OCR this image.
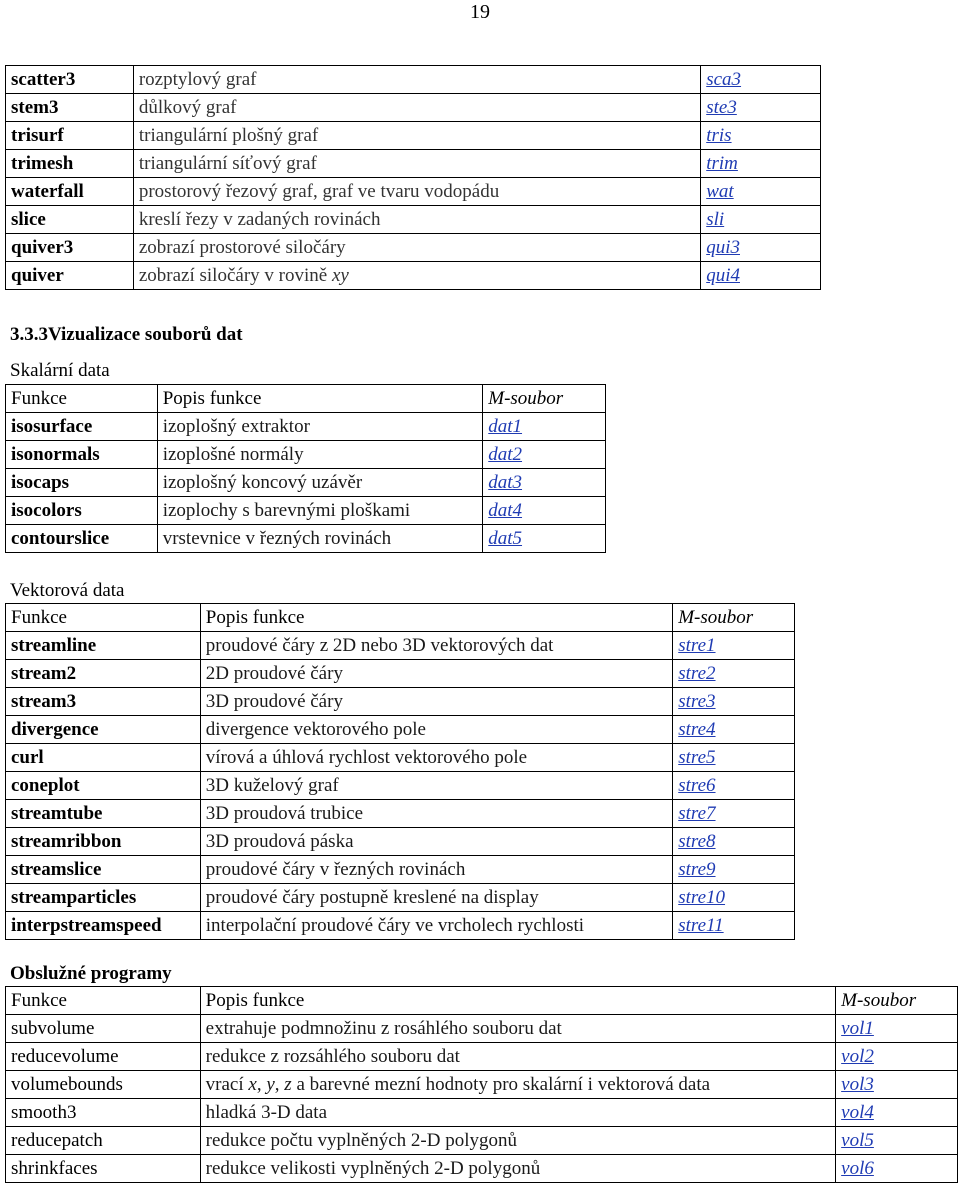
19
scatter3	rozptylový graf	sca3
stem3	důlkový graf	ste3
trisurf	triangulární plošný graf	tris
trimesh	triangulární síťový graf	trim
waterfall	prostorový řezový graf, graf ve tvaru vodopádu	wat
slice	kreslí řezy v zadaných rovinách	sli
quiver3	zobrazí prostorové siločáry	qui3
quiver	zobrazí siločáry v rovině xy	qui4
3.3.3Vizualizace souborů dat
Skalární data
Funkce	Popis funkce	M-soubor
isosurface	izoplošný extraktor	dat1
isonormals	izoplošné normály	dat2
isocaps	izoplošný koncový uzávěr	dat3
isocolors	izoplochy s barevnými ploškami	dat4
contourslice	vrstevnice v řezných rovinách	dat5
Vektorová data
Funkce	Popis funkce	M-soubor
streamline	proudové čáry z 2D nebo 3D vektorových dat	stre1
stream2	2D proudové čáry	stre2
stream3	3D proudové čáry	stre3
divergence	divergence vektorového pole	stre4
curl	vírová a úhlová rychlost vektorového pole	stre5
coneplot	3D kuželový graf	stre6
streamtube	3D proudová trubice	stre7
streamribbon	3D proudová páska	stre8
streamslice	proudové čáry v řezných rovinách	stre9
streamparticles	proudové čáry postupně kreslené na display	stre10
interpstreamspeed	interpolační proudové čáry ve vrcholech rychlosti	stre11
Obslužné programy
Funkce	Popis funkce	M-soubor
subvolume	extrahuje podmnožinu z rosáhlého souboru dat	vol1
reducevolume	redukce z rozsáhlého souboru dat	vol2
volumebounds	vrací x, y, z a barevné mezní hodnoty pro skalární i vektorová data	vol3
smooth3	hladká 3-D data	vol4
reducepatch	redukce počtu vyplněných 2-D polygonů	vol5
shrinkfaces	redukce velikosti vyplněných 2-D polygonů	vol6
